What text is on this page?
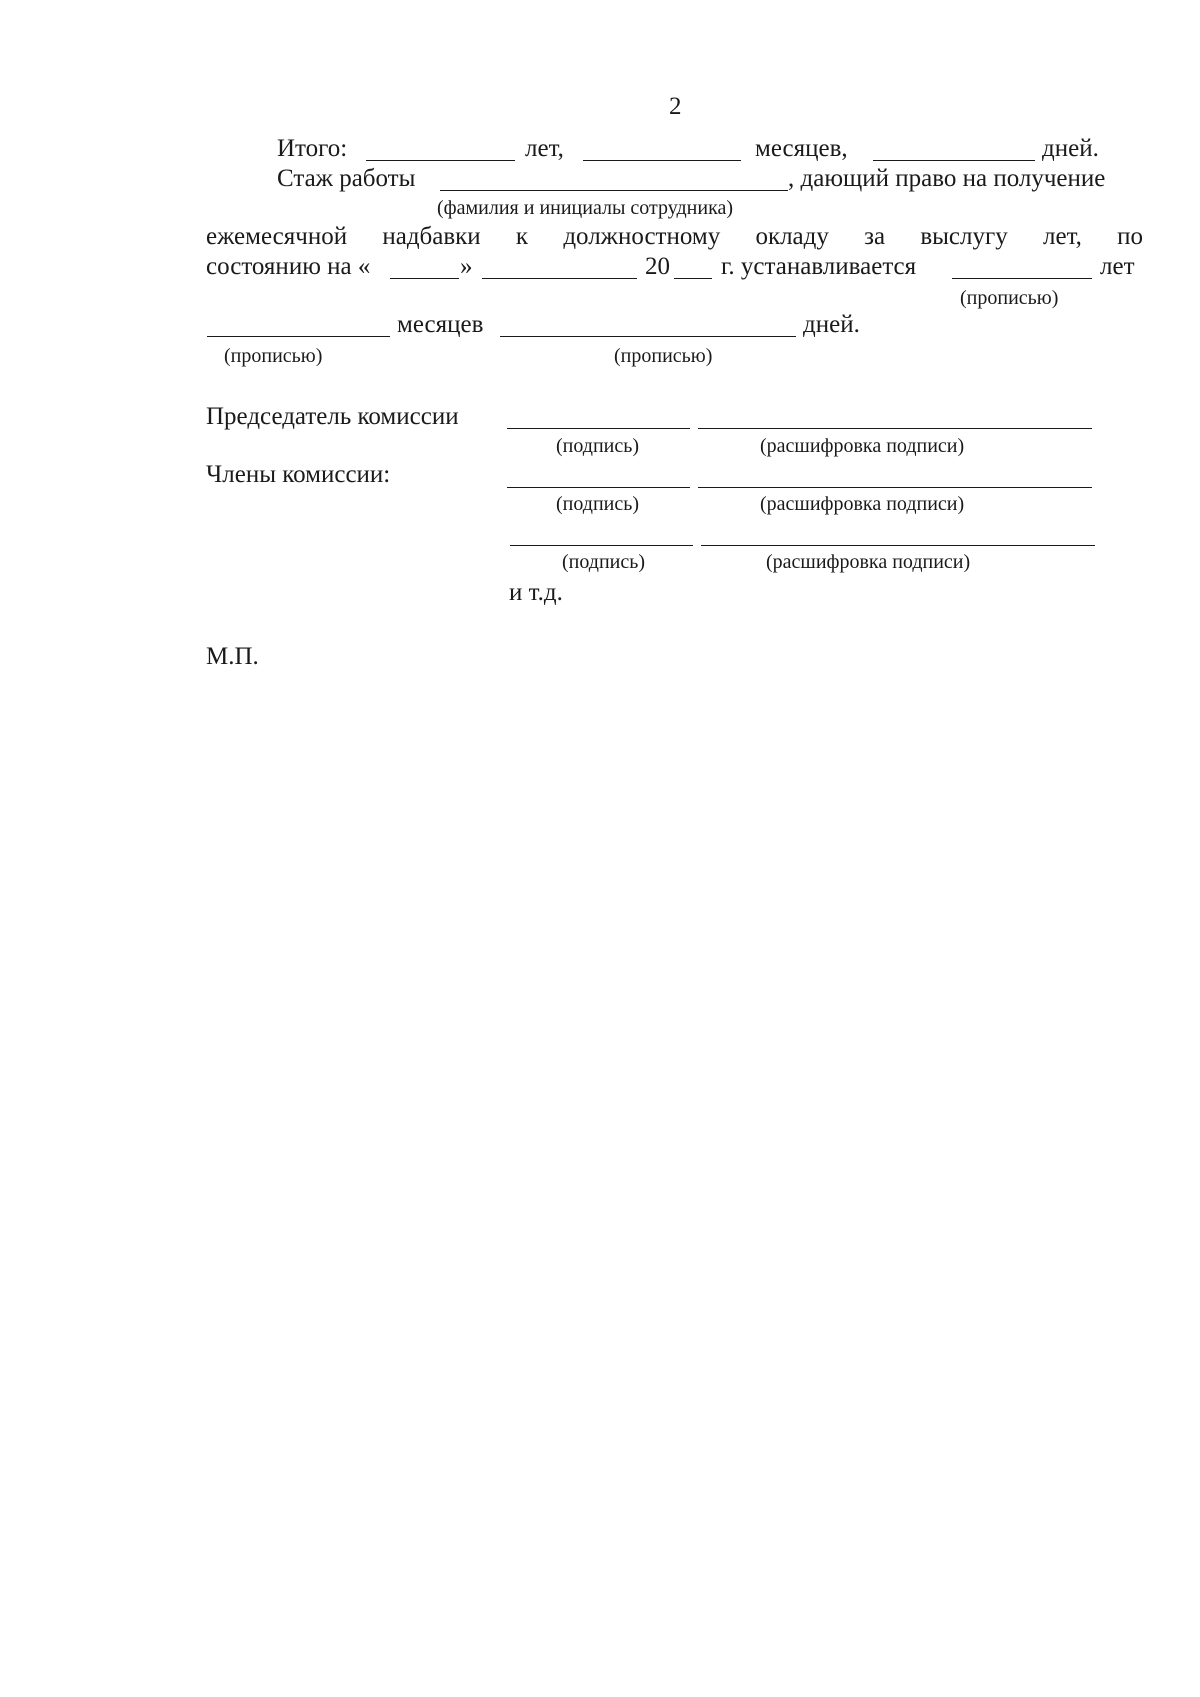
2
Итого:	лет,	месяцев,	дней.
Стаж работы	, дающий право на получение
(фамилия и инициалы сотрудника)
ежемесячной надбавки к должностному окладу за выслугу лет, по
состоянию на «	»	20 г. устанавливается	лет
(прописью)
месяцев	дней.
(прописью)	(прописью)
Председатель комиссии
(подпись)	(расшифровка подписи)
Члены комиссии:
(подпись)	(расшифровка подписи)
(подпись)	(расшифровка подписи)
и т.д.
М.П.
